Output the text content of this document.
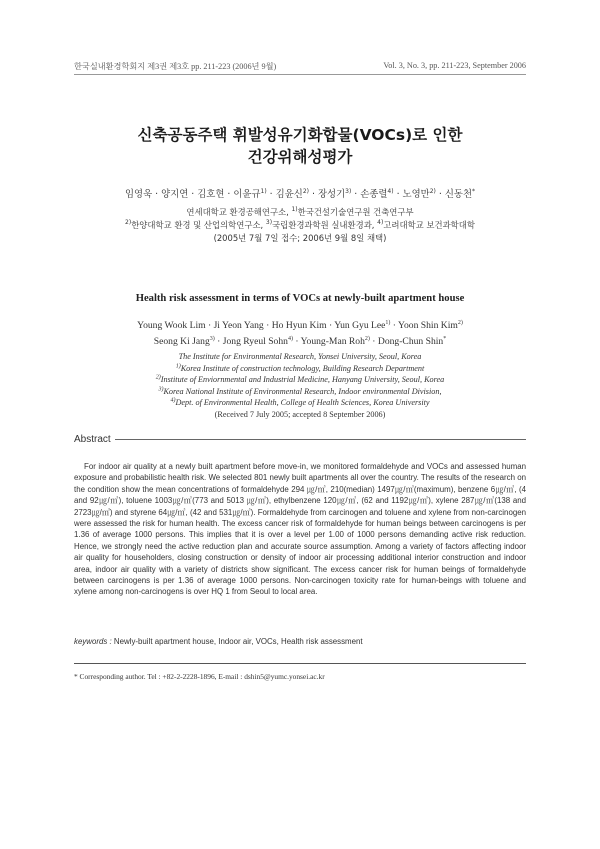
한국실내환경학회지 제3권 제3호 pp. 211-223 (2006년 9월)	Vol. 3, No. 3, pp. 211-223, September 2006
신축공동주택 휘발성유기화합물(VOCs)로 인한
건강위해성평가
임영욱 · 양지연 · 김호현 · 이윤규$^{1)}$ · 김윤신$^{2)}$ · 장성기$^{3)}$ · 손종렬$^{4)}$ · 노영만$^{2)}$ · 신동천*
연세대학교 환경공해연구소, $^{1)}$한국건설기술연구원 건축연구부
$^{2)}$한양대학교 환경 및 산업의학연구소, $^{3)}$국립환경과학원 실내환경과, $^{4)}$고려대학교 보건과학대학
(2005년 7월 7일 접수; 2006년 9월 8일 채택)
Health risk assessment in terms of VOCs at newly-built apartment house
Young Wook Lim · Ji Yeon Yang · Ho Hyun Kim · Yun Gyu Lee$^{1)}$ · Yoon Shin Kim$^{2)}$
Seong Ki Jang$^{3)}$ · Jong Ryeul Sohn$^{4)}$ · Young-Man Roh$^{2)}$ · Dong-Chun Shin*
The Institute for Environmental Research, Yonsei University, Seoul, Korea
$^{1)}$Korea Institute of construction technology, Building Research Department
$^{2)}$Institute of Enviornmental and Industrial Medicine, Hanyang University, Seoul, Korea
$^{3)}$Korea National Institute of Environmental Research, Indoor environmental Division,
$^{4)}$Dept. of Environmental Health, College of Health Sciences, Korea University
(Received 7 July 2005; accepted 8 September 2006)
Abstract
For indoor air quality at a newly built apartment before move-in, we monitored formaldehyde and VOCs and assessed human exposure and probabilistic health risk. We selected 801 newly built apartments all over the country. The results of the research on the condition show the mean concentrations of formaldehyde 294 ㎍/㎥, 210(median) 1497㎍/㎥(maximum), benzene 6㎍/㎥, (4 and 92㎍/㎥), toluene 1003㎍/㎥(773 and 5013 ㎍/㎥), ethylbenzene 120㎍/㎥, (62 and 1192㎍/㎥), xylene 287㎍/㎥(138 and 2723㎍/㎥) and styrene 64㎍/㎥, (42 and 531㎍/㎥). Formaldehyde from carcinogen and toluene and xylene from non-carcinogen were assessed the risk for human health. The excess cancer risk of formaldehyde for human beings between carcinogens is per 1.36 of average 1000 persons. This implies that it is over a level per 1.00 of 1000 persons demanding active risk reduction. Hence, we strongly need the active reduction plan and accurate source assumption. Among a variety of factors affecting indoor air quality for householders, closing construction or density of indoor air processing additional interior construction and indoor area, indoor air quality with a variety of districts show significant. The excess cancer risk for human beings of formaldehyde between carcinogens is per 1.36 of average 1000 persons. Non-carcinogen toxicity rate for human-beings with toluene and xylene among non-carcinogens is over HQ 1 from Seoul to local area.
keywords : Newly-built apartment house, Indoor air, VOCs, Health risk assessment
* Corresponding author. Tel : +82-2-2228-1896, E-mail : dshin5@yumc.yonsei.ac.kr
